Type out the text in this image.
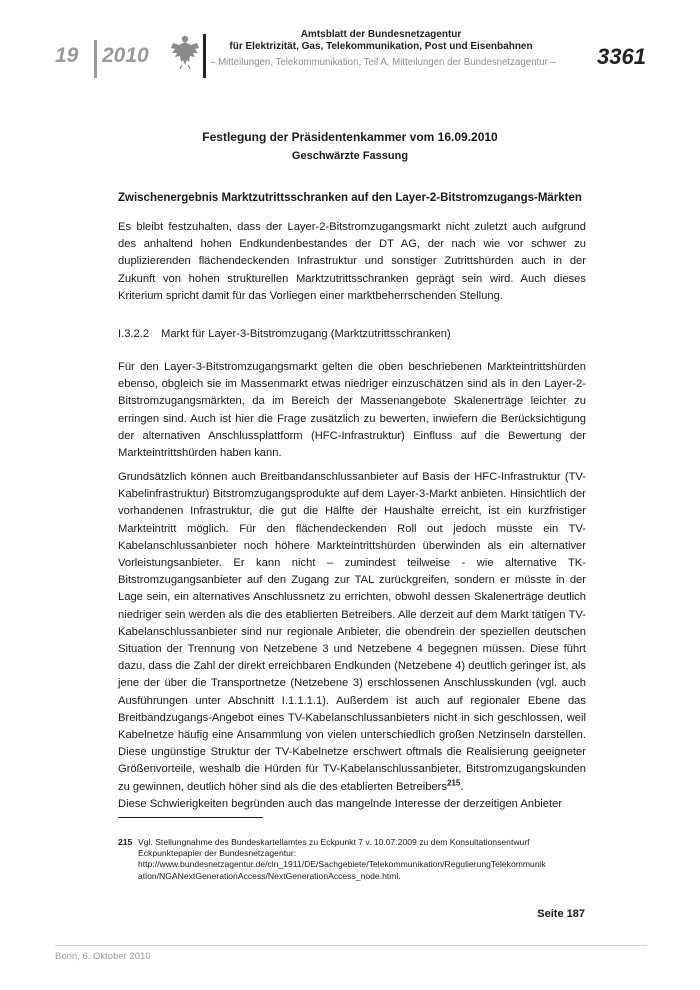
19 2010
Amtsblatt der Bundesnetzagentur
für Elektrizität, Gas, Telekommunikation, Post und Eisenbahnen
– Mitteilungen, Telekommunikation, Teil A, Mitteilungen der Bundesnetzagentur – 3361
Festlegung der Präsidentenkammer vom 16.09.2010
Geschwärzte Fassung
Zwischenergebnis Marktzutrittsschranken auf den Layer-2-Bitstromzugangs-Märkten

Es bleibt festzuhalten, dass der Layer-2-Bitstromzugangsmarkt nicht zuletzt auch aufgrund des anhaltend hohen Endkundenbestandes der DT AG, der nach wie vor schwer zu duplizierenden flächendeckenden Infrastruktur und sonstiger Zutrittshürden auch in der Zukunft von hohen strukturellen Marktzutrittsschranken geprägt sein wird. Auch dieses Kriterium spricht damit für das Vorliegen einer marktbeherrschenden Stellung.

I.3.2.2 Markt für Layer-3-Bitstromzugang (Marktzutrittsschranken)

Für den Layer-3-Bitstromzugangsmarkt gelten die oben beschriebenen Markteintrittshürden ebenso, obgleich sie im Massenmarkt etwas niedriger einzuschätzen sind als in den Layer-2-Bitstromzugangsmärkten, da im Bereich der Massenangebote Skalenerträge leichter zu erringen sind. Auch ist hier die Frage zusätzlich zu bewerten, inwiefern die Berücksichtigung der alternativen Anschlussplattform (HFC-Infrastruktur) Einfluss auf die Bewertung der Markteintrittshürden haben kann.

Grundsätzlich können auch Breitbandanschlussanbieter auf Basis der HFC-Infrastruktur (TV-Kabelinfrastruktur) Bitstromzugangsprodukte auf dem Layer-3-Markt anbieten. Hinsichtlich der vorhandenen Infrastruktur, die gut die Hälfte der Haushalte erreicht, ist ein kurzfristiger Markteintritt möglich. Für den flächendeckenden Roll out jedoch müsste ein TV-Kabelanschlussanbieter noch höhere Markteintrittshürden überwinden als ein alternativer Vorleistungsanbieter. Er kann nicht – zumindest teilweise - wie alternative TK-Bitstromzugangsanbieter auf den Zugang zur TAL zurückgreifen, sondern er müsste in der Lage sein, ein alternatives Anschlussnetz zu errichten, obwohl dessen Skalenerträge deutlich niedriger sein werden als die des etablierten Betreibers. Alle derzeit auf dem Markt tätigen TV-Kabelanschlussanbieter sind nur regionale Anbieter, die obendrein der speziellen deutschen Situation der Trennung von Netzebene 3 und Netzebene 4 begegnen müssen. Diese führt dazu, dass die Zahl der direkt erreichbaren Endkunden (Netzebene 4) deutlich geringer ist, als jene der über die Transportnetze (Netzebene 3) erschlossenen Anschlusskunden (vgl. auch Ausführungen unter Abschnitt I.1.1.1.1). Außerdem ist auch auf regionaler Ebene das Breitbandzugangs-Angebot eines TV-Kabelanschlussanbieters nicht in sich geschlossen, weil Kabelnetze häufig eine Ansammlung von vielen unterschiedlich großen Netzinseln darstellen. Diese ungünstige Struktur der TV-Kabelnetze erschwert oftmals die Realisierung geeigneter Größenvorteile, weshalb die Hürden für TV-Kabelanschlussanbieter, Bitstromzugangskunden zu gewinnen, deutlich höher sind als die des etablierten Betreibers$^{215}$.
Diese Schwierigkeiten begründen auch das mangelnde Interesse der derzeitigen Anbieter

215 Vgl. Stellungnahme des Bundeskartellamtes zu Eckpunkt 7 v. 10.07.2009 zu dem Konsultationsentwurf
Eckpunktepapier der Bundesnetzagentur:
http://www.bundesnetzagentur.de/cln_1911/DE/Sachgebiete/Telekommunikation/RegulierungTelekommunik
ation/NGANextGenerationAccess/NextGenerationAccess_node.html.
Seite 187
Bonn, 6. Oktober 2010
